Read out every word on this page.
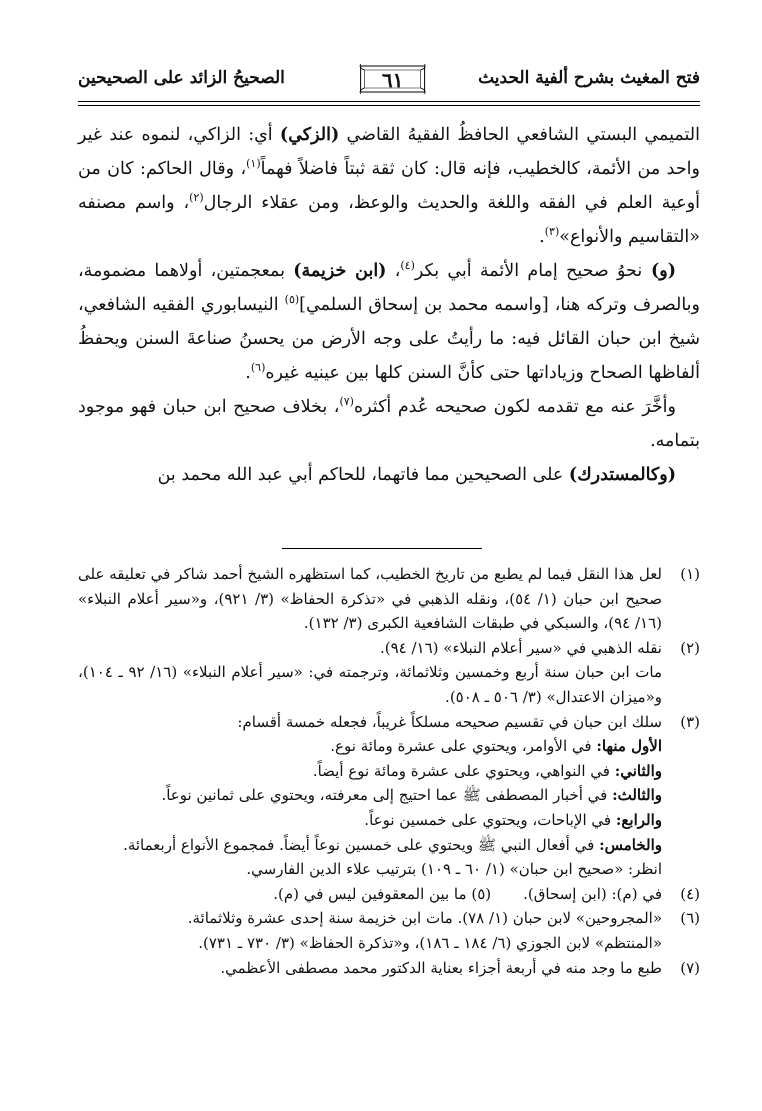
فتح المغيث بشرح ألفية الحديث
٦١
الصحيحُ الزائد على الصحيحين

التميمي البستي الشافعي الحافظُ الفقيهُ القاضي (الزكي) أي: الزاكي، لنموه عند غير واحد من الأئمة، كالخطيب، فإنه قال: كان ثقة ثبتاً فاضلاً فهماً$^{(١)}$، وقال الحاكم: كان من أوعية العلم في الفقه واللغة والحديث والوعظ، ومن عقلاء الرجال$^{(٢)}$، واسم مصنفه «التقاسيم والأنواع»$^{(٣)}$.

(و) نحوُ صحيح إمام الأئمة أبي بكر$^{(٤)}$، (ابن خزيمة) بمعجمتين، أولاهما مضمومة، وبالصرف وتركه هنا، [واسمه محمد بن إسحاق السلمي]$^{(٥)}$ النيسابوري الفقيه الشافعي، شيخ ابن حبان القائل فيه: ما رأيتُ على وجه الأرض من يحسنُ صناعةَ السنن ويحفظُ ألفاظها الصحاح وزياداتها حتى كأنَّ السنن كلها بين عينيه غيره$^{(٦)}$.

وأخَّرَ عنه مع تقدمه لكون صحيحه عُدم أكثره$^{(٧)}$، بخلاف صحيح ابن حبان فهو موجود بتمامه.

(وكالمستدرك) على الصحيحين مما فاتهما، للحاكم أبي عبد الله محمد بن

(١)

لعل هذا النقل فيما لم يطبع من تاريخ الخطيب، كما استظهره الشيخ أحمد شاكر في تعليقه على صحيح ابن حبان (١/ ٥٤)، ونقله الذهبي في «تذكرة الحفاظ» (٣/ ٩٢١)، و«سير أعلام النبلاء» (١٦/ ٩٤)، والسبكي في طبقات الشافعية الكبرى (٣/ ١٣٢).

(٢)

نقله الذهبي في «سير أعلام النبلاء» (١٦/ ٩٤).

مات ابن حبان سنة أربع وخمسين وثلاثمائة، وترجمته في: «سير أعلام النبلاء» (١٦/ ٩٢ ـ ١٠٤)، و«ميزان الاعتدال» (٣/ ٥٠٦ ـ ٥٠٨).

(٣)

سلك ابن حبان في تقسيم صحيحه مسلكاً غريباً، فجعله خمسة أقسام:

الأول منها: في الأوامر، ويحتوي على عشرة ومائة نوع.

والثاني: في النواهي، ويحتوي على عشرة ومائة نوع أيضاً.

والثالث: في أخبار المصطفى ﷺ عما احتيج إلى معرفته، ويحتوي على ثمانين نوعاً.

والرابع: في الإباحات، ويحتوي على خمسين نوعاً.

والخامس: في أفعال النبي ﷺ ويحتوي على خمسين نوعاً أيضاً. فمجموع الأنواع أربعمائة.

انظر: «صحيح ابن حبان» (١/ ٦٠ ـ ١٠٩) بترتيب علاء الدين الفارسي.

(٤)
في (م): (ابن إسحاق).
(٥) ما بين المعقوفين ليس في (م).
(٦)

«المجروحين» لابن حبان (١/ ٧٨). مات ابن خزيمة سنة إحدى عشرة وثلاثمائة.

«المنتظم» لابن الجوزي (٦/ ١٨٤ ـ ١٨٦)، و«تذكرة الحفاظ» (٣/ ٧٣٠ ـ ٧٣١).

(٧)

طبع ما وجد منه في أربعة أجزاء بعناية الدكتور محمد مصطفى الأعظمي.
